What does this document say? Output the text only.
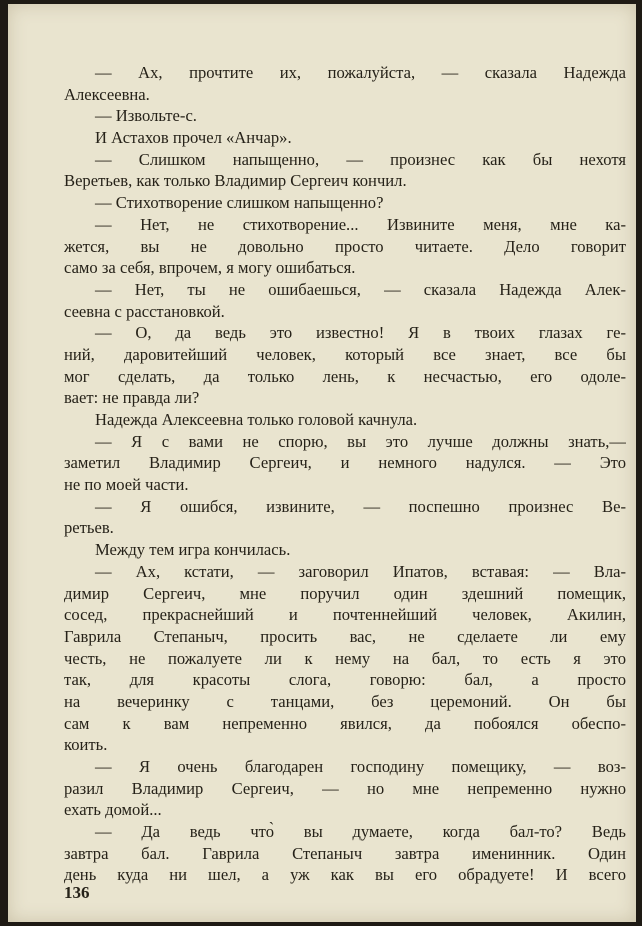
— Ах, прочтите их, пожалуйста, — сказала Надежда
Алексеевна.
— Извольте-с.
И Астахов прочел «Анчар».
— Слишком напыщенно, — произнес как бы нехотя
Веретьев, как только Владимир Сергеич кончил.
— Стихотворение слишком напыщенно?
— Нет, не стихотворение... Извините меня, мне ка-
жется, вы не довольно просто читаете. Дело говорит
само за себя, впрочем, я могу ошибаться.
— Нет, ты не ошибаешься, — сказала Надежда Алек-
сеевна с расстановкой.
— О, да ведь это известно! Я в твоих глазах ге-
ний, даровитейший человек, который все знает, все бы
мог сделать, да только лень, к несчастью, его одоле-
вает: не правда ли?
Надежда Алексеевна только головой качнула.
— Я с вами не спорю, вы это лучше должны знать,—
заметил Владимир Сергеич, и немного надулся. — Это
не по моей части.
— Я ошибся, извините, — поспешно произнес Ве-
ретьев.
Между тем игра кончилась.
— Ах, кстати, — заговорил Ипатов, вставая: — Вла-
димир Сергеич, мне поручил один здешний помещик,
сосед, прекраснейший и почтеннейший человек, Акилин,
Гаврила Степаныч, просить вас, не сделаете ли ему
честь, не пожалуете ли к нему на бал, то есть я это
так, для красоты слога, говорю: бал, а просто
на вечеринку с танцами, без церемоний. Он бы
сам к вам непременно явился, да побоялся обеспо-
коить.
— Я очень благодарен господину помещику, — воз-
разил Владимир Сергеич, — но мне непременно нужно
ехать домой...
— Да ведь что̀ вы думаете, когда бал-то? Ведь
завтра бал. Гаврила Степаныч завтра именинник. Один
день куда ни шел, а уж как вы его обрадуете! И всего
136
